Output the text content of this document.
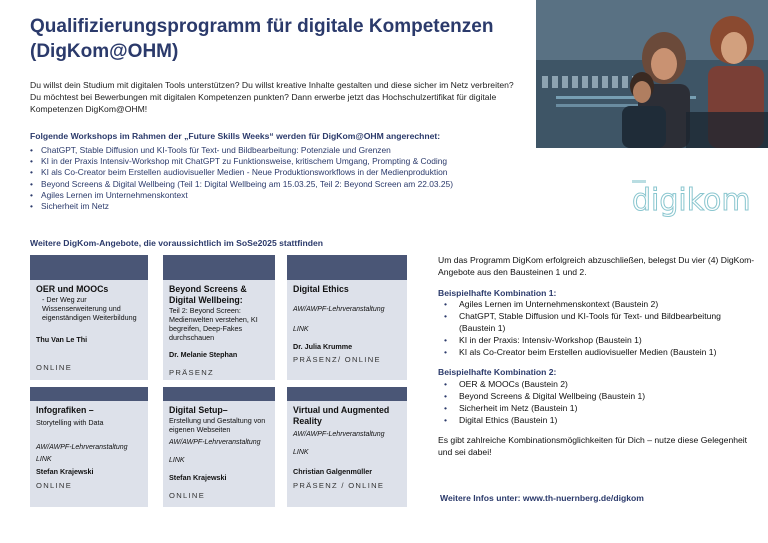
Qualifizierungsprogramm für digitale Kompetenzen
(DigKom@OHM)
Du willst dein Studium mit digitalen Tools unterstützen? Du willst kreative Inhalte gestalten und diese sicher im Netz verbreiten? Du möchtest bei Bewerbungen mit digitalen Kompetenzen punkten? Dann erwerbe jetzt das Hochschulzertifikat für digitale Kompetenzen DigKom@OHM!
Folgende Workshops im Rahmen der „Future Skills Weeks“ werden für DigKom@OHM angerechnet:
• ChatGPT, Stable Diffusion und KI-Tools für Text- und Bildbearbeitung: Potenziale und Grenzen
• KI in der Praxis Intensiv-Workshop mit ChatGPT zu Funktionsweise, kritischem Umgang, Prompting & Coding
• KI als Co-Creator beim Erstellen audiovisueller Medien - Neue Produktionsworkflows in der Medienproduktion
• Beyond Screens & Digital Wellbeing (Teil 1: Digital Wellbeing am 15.03.25, Teil 2: Beyond Screen am 22.03.25)
• Agiles Lernen im Unternehmenskontext
• Sicherheit im Netz	digikom
Weitere DigKom-Angebote, die voraussichtlich im SoSe2025 stattfinden
OER und MOOCs
- Der Weg zur Wissenserweiterung und eigenständigen Weiterbildung
Thu Van Le Thi
ONLINE
Beyond Screens & Digital Wellbeing:
Teil 2: Beyond Screen: Medienwelten verstehen, KI begreifen, Deep-Fakes durchschauen
Dr. Melanie Stephan
PRÄSENZ
Digital Ethics
AW/AWPF-Lehrveranstaltung
LINK
Dr. Julia Krumme
PRÄSENZ/ ONLINE
Infografiken –
Storytelling with Data
AW/AWPF-Lehrveranstaltung
LINK
Stefan Krajewski
ONLINE
Digital Setup–
Erstellung und Gestaltung von eigenen Webseiten
AW/AWPF-Lehrveranstaltung
LINK
Stefan Krajewski
ONLINE
Virtual und Augmented Reality
AW/AWPF-Lehrveranstaltung
LINK
Christian Galgenmüller
PRÄSENZ / ONLINE
Um das Programm DigKom erfolgreich abzuschließen, belegst Du vier (4) DigKom-Angebote aus den Bausteinen 1 und 2.
Beispielhafte Kombination 1:
• Agiles Lernen im Unternehmenskontext (Baustein 2)
• ChatGPT, Stable Diffusion und KI-Tools für Text- und Bildbearbeitung (Baustein 1)
• KI in der Praxis: Intensiv-Workshop (Baustein 1)
• KI als Co-Creator beim Erstellen audiovisueller Medien (Baustein 1)
Beispielhafte Kombination 2:
• OER & MOOCs (Baustein 2)
• Beyond Screens & Digital Wellbeing (Baustein 1)
• Sicherheit im Netz (Baustein 1)
• Digital Ethics (Baustein 1)
Es gibt zahlreiche Kombinationsmöglichkeiten für Dich – nutze diese Gelegenheit und sei dabei!
Weitere Infos unter: www.th-nuernberg.de/digkom
